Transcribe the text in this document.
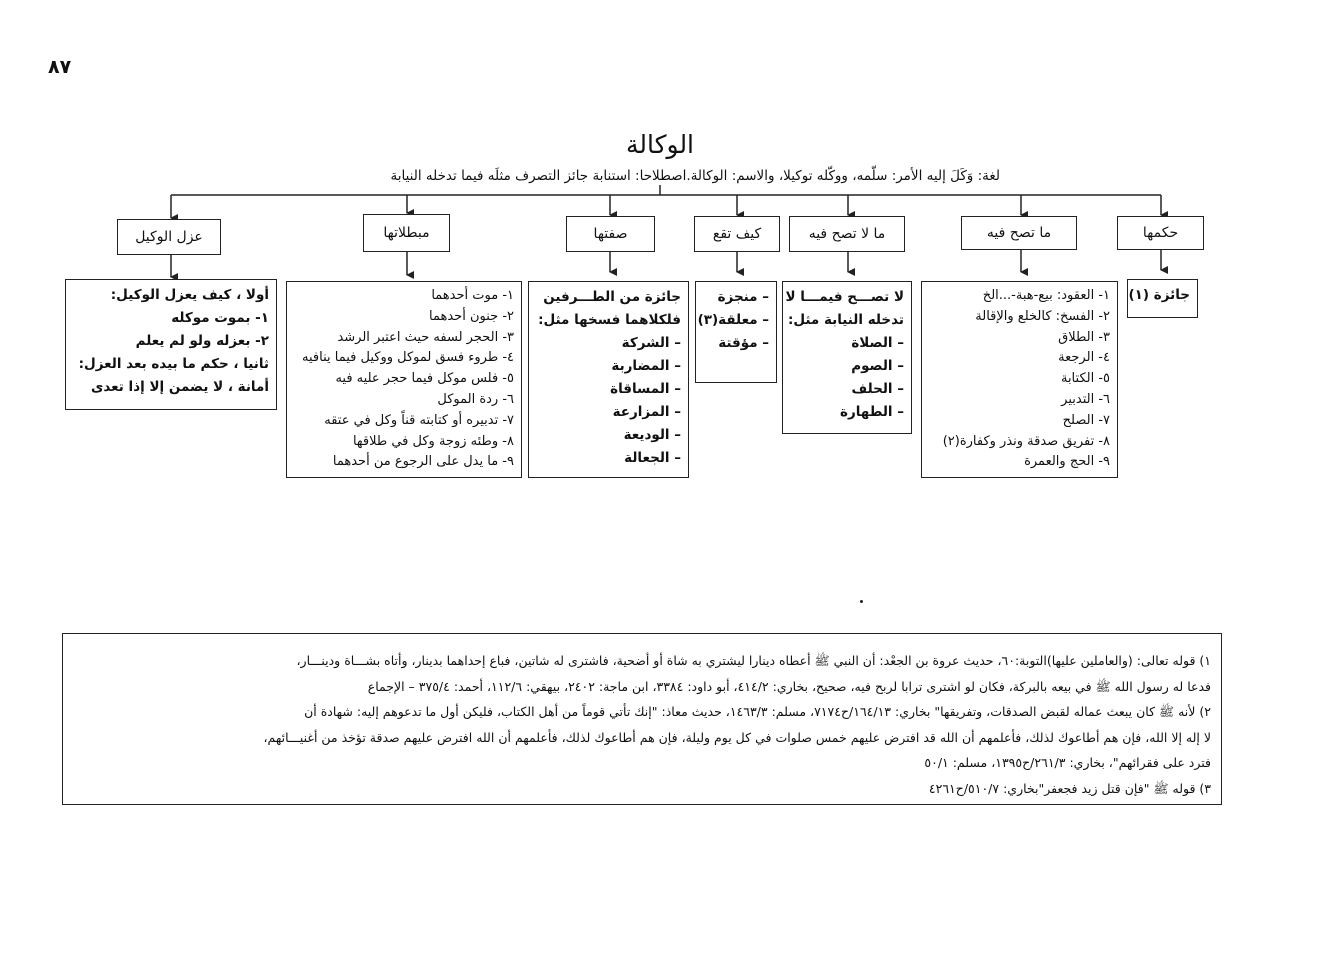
٨٧
الوكالة
لغة: وَكَلَ إليه الأمر: سلّمه، ووكّله توكيلا، والاسم: الوكالة.اصطلاحا: استنابة جائز التصرف مثلَه فيما تدخله النيابة
حكمها
ما تصح فيه
ما لا تصح فيه
كيف تقع
صفتها
مبطلاتها
عزل الوكيل
جائزة (١)
١- العقود: بيع-هبة-...الخ
٢- الفسخ: كالخلع والإقالة
٣- الطلاق
٤- الرجعة
٥- الكتابة
٦- التدبير
٧- الصلح
٨- تفريق صدقة ونذر وكفارة(٢)
٩- الحج والعمرة
لا تصـــح فيمـــا لا
تدخله النيابة مثل:
– الصلاة
– الصوم
– الحلف
– الطهارة
– منجزة
– معلقة(٣)
– مؤقتة
جائزة من الطـــرفين
فلكلاهما فسخها مثل:
– الشركة
– المضاربة
– المساقاة
– المزارعة
– الوديعة
– الجعالة
١- موت أحدهما
٢- جنون أحدهما
٣- الحجر لسفه حيث اعتبر الرشد
٤- طروء فسق لموكل ووكيل فيما ينافيه
٥- فلس موكل فيما حجر عليه فيه
٦- ردة الموكل
٧- تدبيره أو كتابته قناً وكل في عتقه
٨- وطئه زوجة وكل في طلاقها
٩- ما يدل على الرجوع من أحدهما
أولا ، كيف يعزل الوكيل:
١- بموت موكله
٢- بعزله ولو لم يعلم
ثانيا ، حكم ما بيده بعد العزل:
أمانة ، لا يضمن إلا إذا تعدى
١) قوله تعالى: (والعاملين عليها)التوبة:٦٠، حديث عروة بن الجعْد: أن النبي ﷺ أعطاه دينارا ليشتري به شاة أو أضحية، فاشترى له شاتين، فباع إحداهما بدينار، وأتاه بشـــاة ودينـــار،
فدعا له رسول الله ﷺ في بيعه بالبركة، فكان لو اشترى ترابا لربح فيه، صحيح، بخاري: ٤١٤/٢، أبو داود: ٣٣٨٤، ابن ماجة: ٢٤٠٢، بيهقي: ١١٢/٦، أحمد: ٣٧٥/٤ – الإجماع
٢) لأنه ﷺ كان يبعث عماله لقبض الصدقات، وتفريقها" بخاري: ١٦٤/١٣/ح٧١٧٤، مسلم: ١٤٦٣/٣، حديث معاذ: "إنك تأتي قوماً من أهل الكتاب، فليكن أول ما تدعوهم إليه: شهادة أن
لا إله إلا الله، فإن هم أطاعوك لذلك، فأعلمهم أن الله قد افترض عليهم خمس صلوات في كل يوم وليلة، فإن هم أطاعوك لذلك، فأعلمهم أن الله افترض عليهم صدقة تؤخذ من أغنيـــائهم،
فترد على فقرائهم"، بخاري: ٢٦١/٣/ح١٣٩٥، مسلم: ٥٠/١
٣) قوله ﷺ "فإن قتل زيد فجعفر"بخاري: ٥١٠/٧/ح٤٢٦١
